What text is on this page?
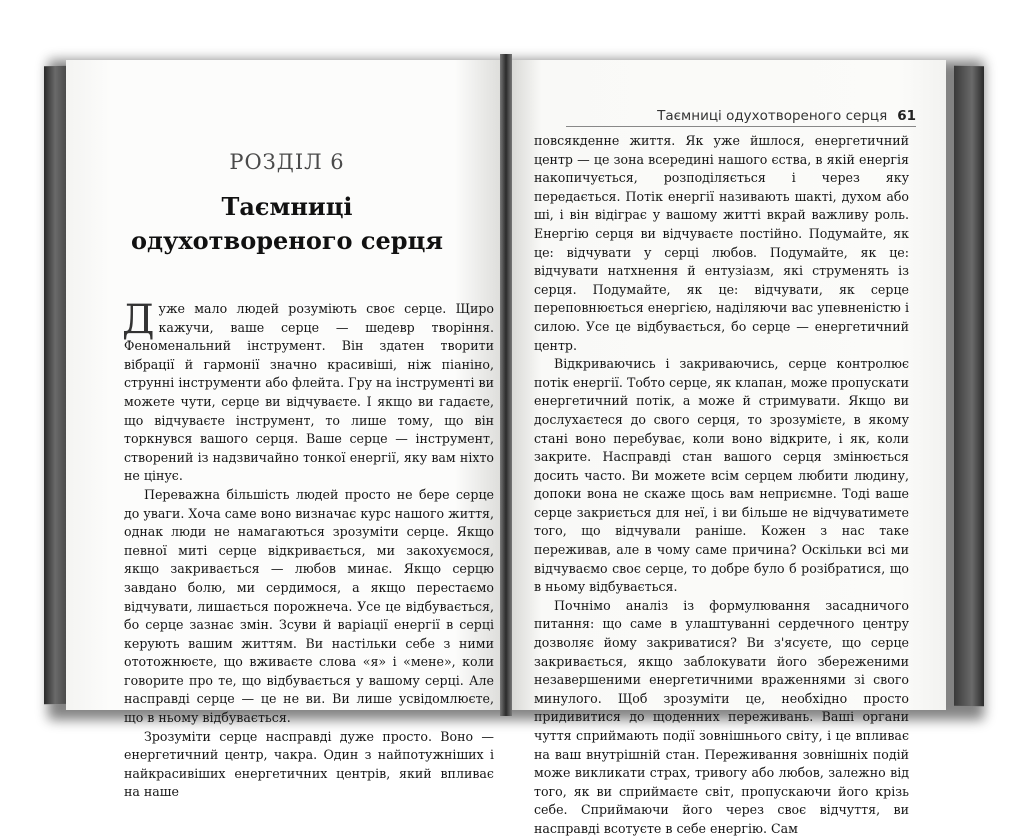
РОЗДІЛ 6
Таємниці
одухотвореного серця

Дуже мало людей розуміють своє серце. Щиро кажучи, ваше серце — шедевр творіння. Феноменальний інструмент. Він здатен творити вібрації й гармонії значно красивіші, ніж піаніно, струнні інструменти або флейта. Гру на інструменті ви можете чути, серце ви відчуваєте. І якщо ви гадаєте, що відчуваєте інструмент, то лише тому, що він торкнувся вашого серця. Ваше серце — інструмент, створений із надзвичайно тонкої енергії, яку вам ніхто не цінує.

Переважна більшість людей просто не бере серце до уваги. Хоча саме воно визначає курс нашого життя, однак люди не намагаються зрозуміти серце. Якщо певної миті серце відкривається, ми закохуємося, якщо закривається — любов минає. Якщо серцю завдано болю, ми сердимося, а якщо перестаємо відчувати, лишається порожнеча. Усе це відбувається, бо серце зазнає змін. Зсуви й варіації енергії в серці керують вашим життям. Ви настільки себе з ними ототожнюєте, що вживаєте слова «я» і «мене», коли говорите про те, що відбувається у вашому серці. Але насправді серце — це не ви. Ви лише усвідомлюєте, що в ньому відбувається.

Зрозуміти серце насправді дуже просто. Воно — енергетичний центр, чакра. Один з найпотужніших і найкрасивіших енергетичних центрів, який впливає на наше

Таємниці одухотвореного серця 61

повсякденне життя. Як уже йшлося, енергетичний центр — це зона всередині нашого єства, в якій енергія накопичується, розподіляється і через яку передається. Потік енергії називають шакті, духом або ші, і він відіграє у вашому житті вкрай важливу роль. Енергію серця ви відчуваєте постійно. Подумайте, як це: відчувати у серці любов. Подумайте, як це: відчувати натхнення й ентузіазм, які струменять із серця. Подумайте, як це: відчувати, як серце переповнюється енергією, наділяючи вас упевненістю і силою. Усе це відбувається, бо серце — енергетичний центр.

Відкриваючись і закриваючись, серце контролює потік енергії. Тобто серце, як клапан, може пропускати енергетичний потік, а може й стримувати. Якщо ви дослухаєтеся до свого серця, то зрозумієте, в якому стані воно перебуває, коли воно відкрите, і як, коли закрите. Насправді стан вашого серця змінюється досить часто. Ви можете всім серцем любити людину, допоки вона не скаже щось вам неприємне. Тоді ваше серце закриється для неї, і ви більше не відчуватимете того, що відчували раніше. Кожен з нас таке переживав, але в чому саме причина? Оскільки всі ми відчуваємо своє серце, то добре було б розібратися, що в ньому відбувається.

Почнімо аналіз із формулювання засадничого питання: що саме в улаштуванні сердечного центру дозволяє йому закриватися? Ви з'ясуєте, що серце закривається, якщо заблокувати його збереженими незавершеними енергетичними враженнями зі свого минулого. Щоб зрозуміти це, необхідно просто придивитися до щоденних переживань. Ваші органи чуття сприймають події зовнішнього світу, і це впливає на ваш внутрішній стан. Переживання зовнішніх подій може викликати страх, тривогу або любов, залежно від того, як ви сприймаєте світ, пропускаючи його крізь себе. Сприймаючи його через своє відчуття, ви насправді всотуєте в себе енергію. Сам
